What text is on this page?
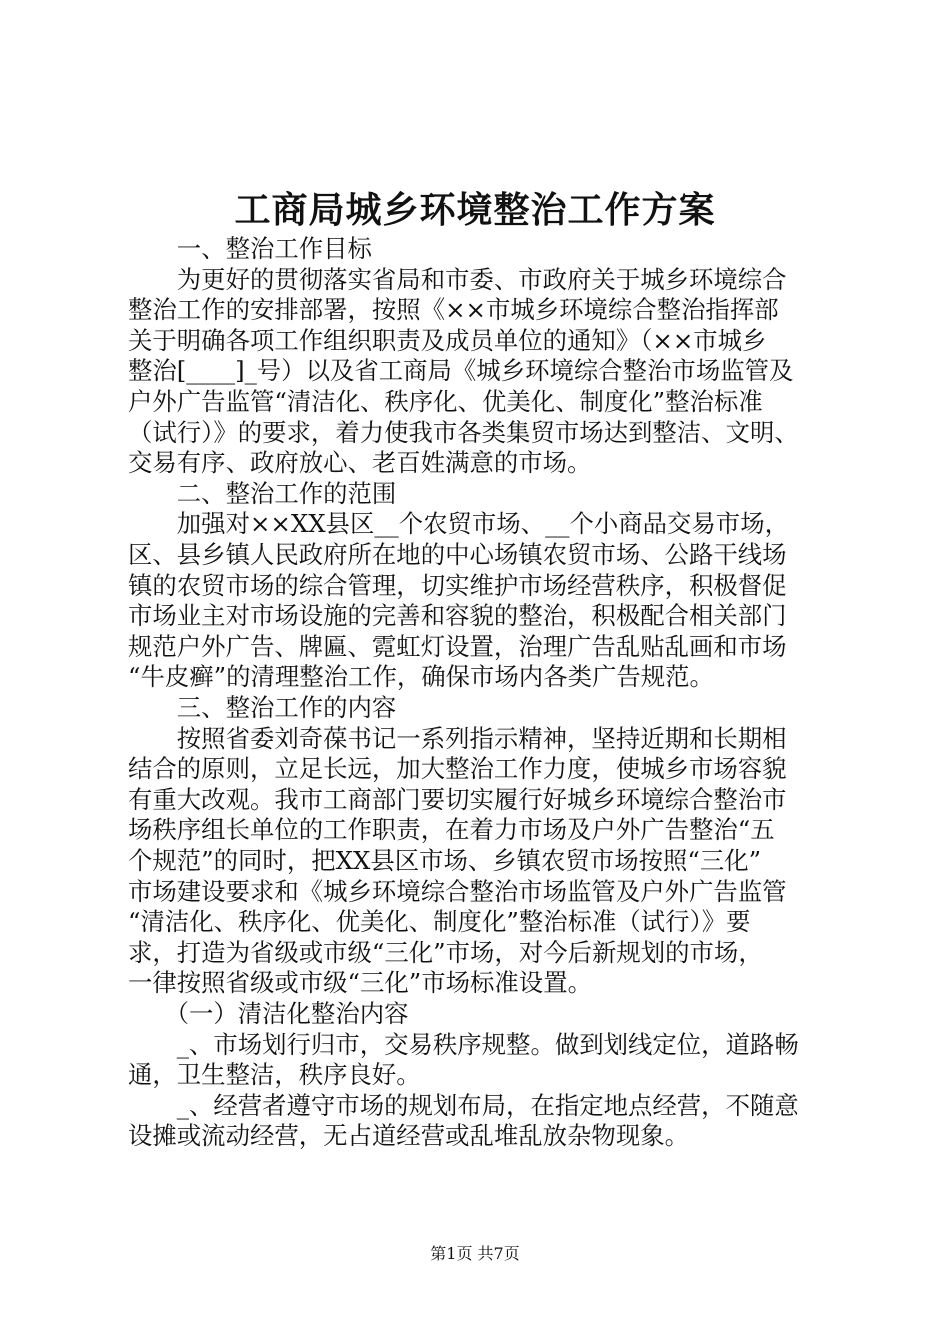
工商局城乡环境整治工作方案
　　一、整治工作目标
　　为更好的贯彻落实省局和市委、市政府关于城乡环境综合
整治工作的安排部署，按照《××市城乡环境综合整治指挥部
关于明确各项工作组织职责及成员单位的通知》（××市城乡
整治[____]_号）以及省工商局《城乡环境综合整治市场监管及
户外广告监管“清洁化、秩序化、优美化、制度化”整治标准
（试行）》的要求，着力使我市各类集贸市场达到整洁、文明、
交易有序、政府放心、老百姓满意的市场。
　　二、整治工作的范围
　　加强对××XX县区__个农贸市场、__个小商品交易市场，
区、县乡镇人民政府所在地的中心场镇农贸市场、公路干线场
镇的农贸市场的综合管理，切实维护市场经营秩序，积极督促
市场业主对市场设施的完善和容貌的整治，积极配合相关部门
规范户外广告、牌匾、霓虹灯设置，治理广告乱贴乱画和市场
“牛皮癣”的清理整治工作，确保市场内各类广告规范。
　　三、整治工作的内容
　　按照省委刘奇葆书记一系列指示精神，坚持近期和长期相
结合的原则，立足长远，加大整治工作力度，使城乡市场容貌
有重大改观。我市工商部门要切实履行好城乡环境综合整治市
场秩序组长单位的工作职责，在着力市场及户外广告整治“五
个规范”的同时，把XX县区市场、乡镇农贸市场按照“三化”
市场建设要求和《城乡环境综合整治市场监管及户外广告监管
“清洁化、秩序化、优美化、制度化”整治标准（试行）》要
求，打造为省级或市级“三化”市场，对今后新规划的市场，
一律按照省级或市级“三化”市场标准设置。
　　（一）清洁化整治内容
　　_、市场划行归市，交易秩序规整。做到划线定位，道路畅
通，卫生整洁，秩序良好。
　　_、经营者遵守市场的规划布局，在指定地点经营，不随意
设摊或流动经营，无占道经营或乱堆乱放杂物现象。
第1页 共7页
